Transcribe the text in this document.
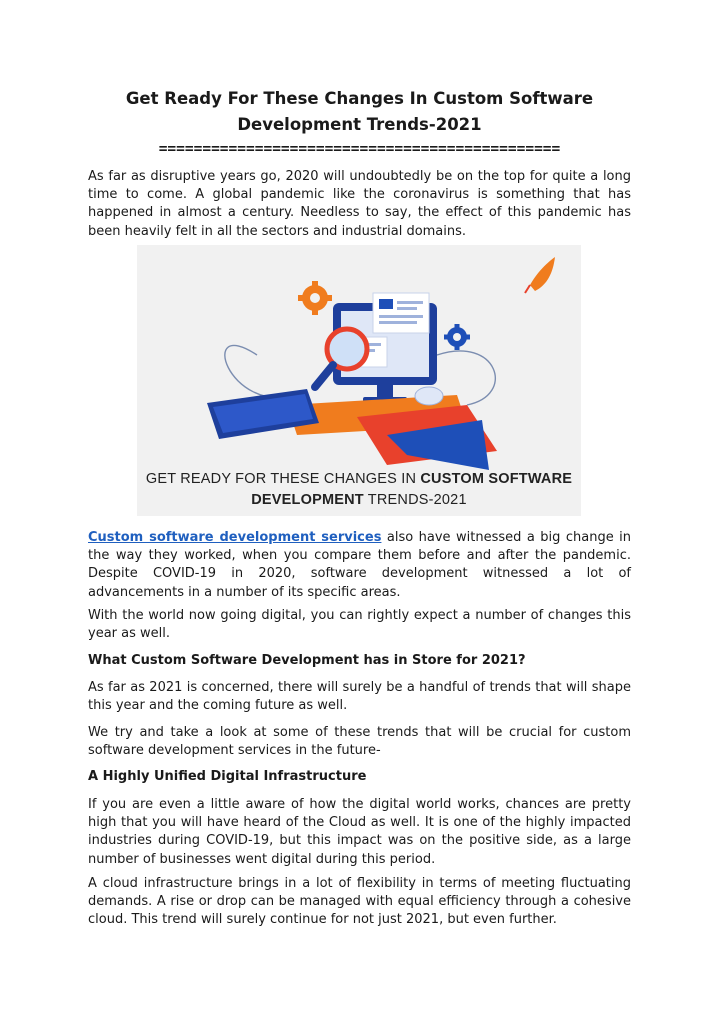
Get Ready For These Changes In Custom Software
Development Trends-2021
==============================================

As far as disruptive years go, 2020 will undoubtedly be on the top for quite a long time to come. A global pandemic like the coronavirus is something that has happened in almost a century. Needless to say, the effect of this pandemic has been heavily felt in all the sectors and industrial domains.

GET READY FOR THESE CHANGES IN CUSTOM SOFTWARE
DEVELOPMENT TRENDS-2021

Custom software development services also have witnessed a big change in the way they worked, when you compare them before and after the pandemic. Despite COVID-19 in 2020, software development witnessed a lot of advancements in a number of its specific areas.

With the world now going digital, you can rightly expect a number of changes this year as well.

What Custom Software Development has in Store for 2021?

As far as 2021 is concerned, there will surely be a handful of trends that will shape this year and the coming future as well.

We try and take a look at some of these trends that will be crucial for custom software development services in the future-

A Highly Unified Digital Infrastructure

If you are even a little aware of how the digital world works, chances are pretty high that you will have heard of the Cloud as well. It is one of the highly impacted industries during COVID-19, but this impact was on the positive side, as a large number of businesses went digital during this period.

A cloud infrastructure brings in a lot of flexibility in terms of meeting fluctuating demands. A rise or drop can be managed with equal efficiency through a cohesive cloud. This trend will surely continue for not just 2021, but even further.
